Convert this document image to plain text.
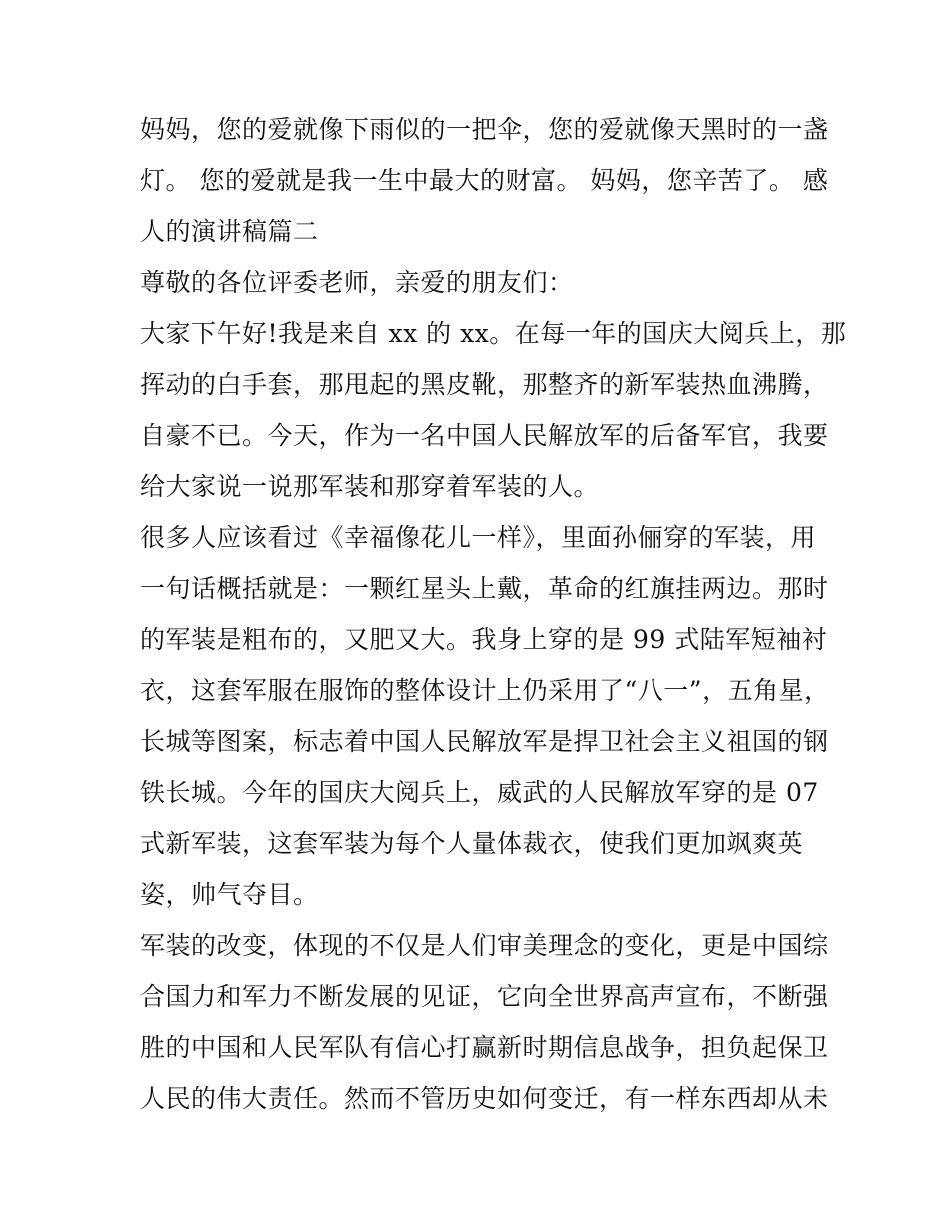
妈妈，您的爱就像下雨似的一把伞，您的爱就像天黑时的一盏
灯。 您的爱就是我一生中最大的财富。 妈妈，您辛苦了。 感
人的演讲稿篇二
尊敬的各位评委老师，亲爱的朋友们：
大家下午好!我是来自 xx 的 xx。在每一年的国庆大阅兵上，那
挥动的白手套，那甩起的黑皮靴，那整齐的新军装热血沸腾，
自豪不已。今天，作为一名中国人民解放军的后备军官，我要
给大家说一说那军装和那穿着军装的人。
很多人应该看过《幸福像花儿一样》，里面孙俪穿的军装，用
一句话概括就是：一颗红星头上戴，革命的红旗挂两边。那时
的军装是粗布的，又肥又大。我身上穿的是 99 式陆军短袖衬
衣，这套军服在服饰的整体设计上仍采用了“八一”，五角星，
长城等图案，标志着中国人民解放军是捍卫社会主义祖国的钢
铁长城。今年的国庆大阅兵上，威武的人民解放军穿的是 07
式新军装，这套军装为每个人量体裁衣，使我们更加飒爽英
姿，帅气夺目。
军装的改变，体现的不仅是人们审美理念的变化，更是中国综
合国力和军力不断发展的见证，它向全世界高声宣布，不断强
胜的中国和人民军队有信心打赢新时期信息战争，担负起保卫
人民的伟大责任。然而不管历史如何变迁，有一样东西却从未
